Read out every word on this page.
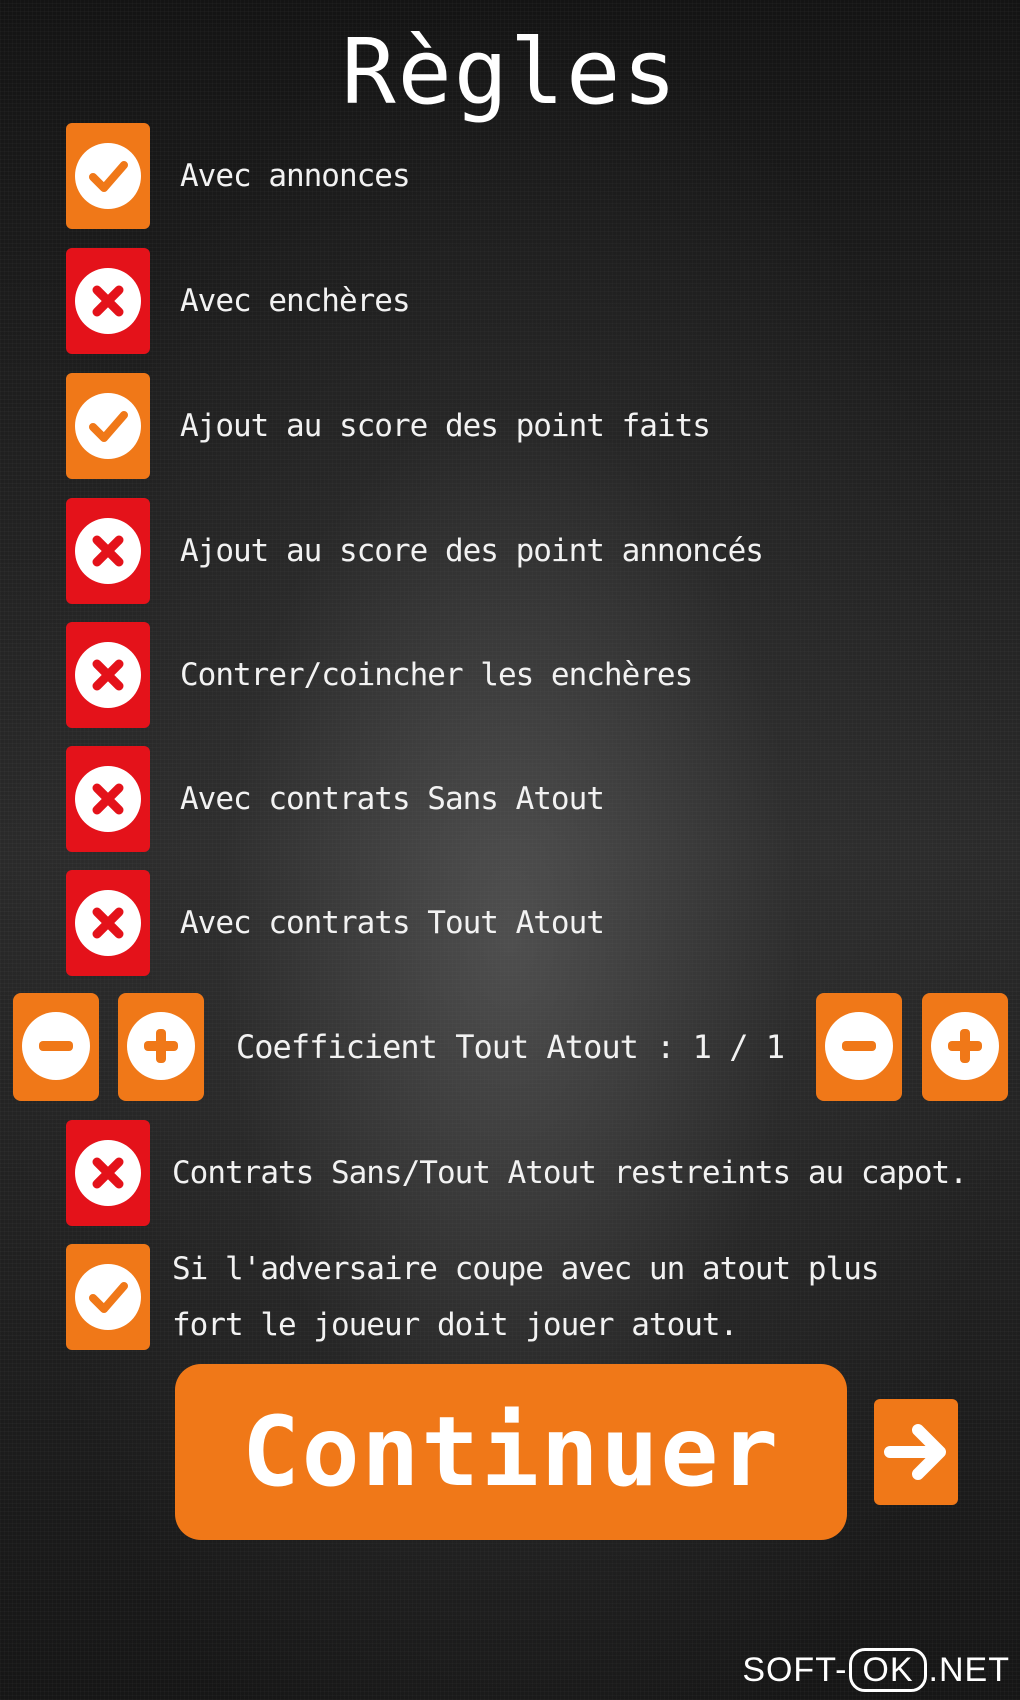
Règles
Avec annonces
Avec enchères
Ajout au score des point faits
Ajout au score des point annoncés
Contrer/coincher les enchères
Avec contrats Sans Atout
Avec contrats Tout Atout
Coefficient Tout Atout : 1 / 1
Contrats Sans/Tout Atout restreints au capot.
Si l'adversaire coupe avec un atout plus fort le joueur doit jouer atout.
Continuer
SOFT- OK .NET
